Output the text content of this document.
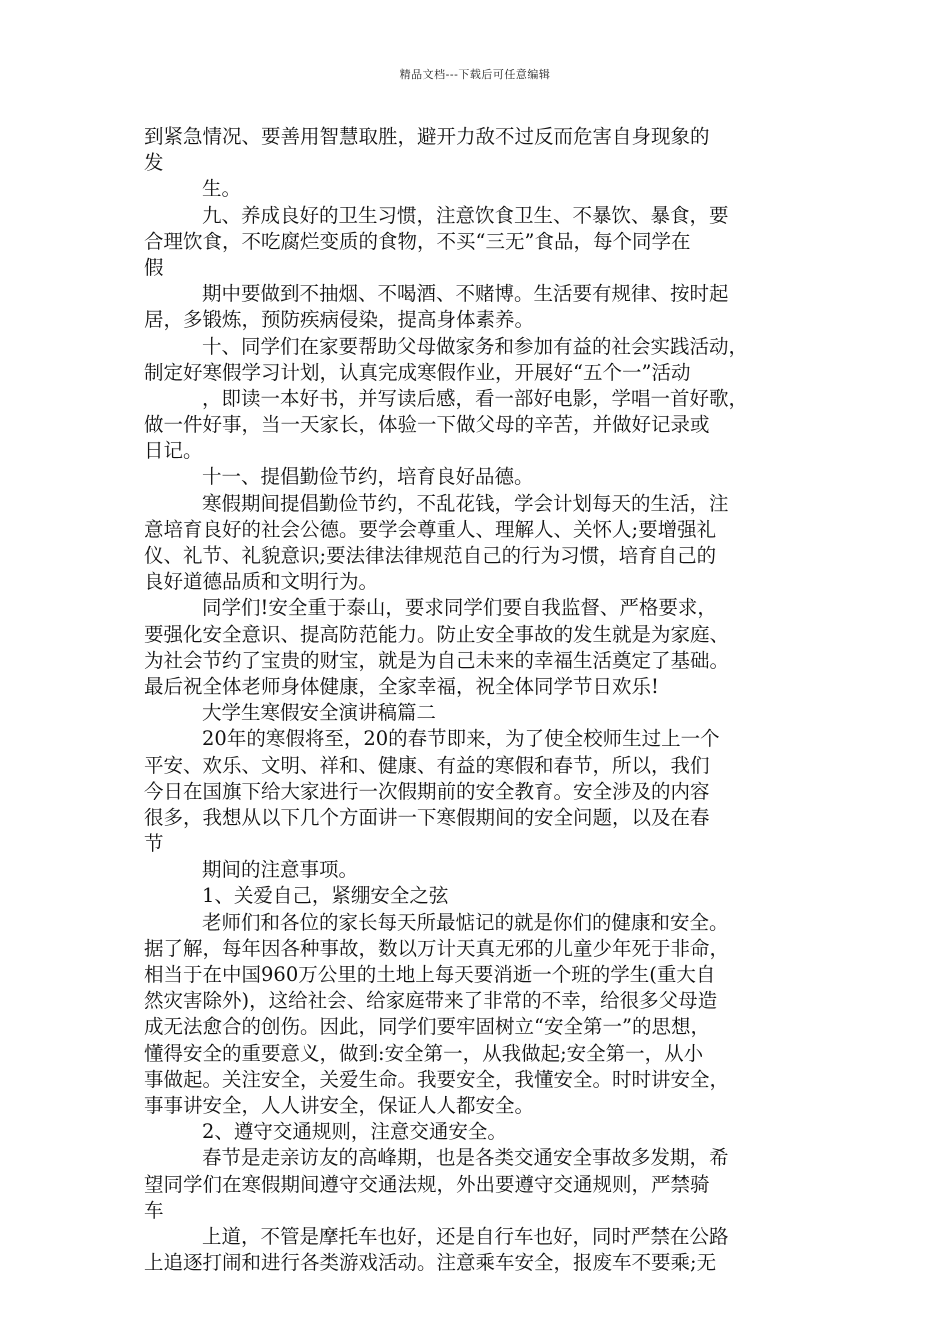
精品文档---下载后可任意编辑
到紧急情况、要善用智慧取胜，避开力敌不过反而危害自身现象的
发
生。
九、养成良好的卫生习惯，注意饮食卫生、不暴饮、暴食，要
合理饮食，不吃腐烂变质的食物，不买“三无”食品，每个同学在
假
期中要做到不抽烟、不喝酒、不赌博。生活要有规律、按时起
居，多锻炼，预防疾病侵染，提高身体素养。
十、同学们在家要帮助父母做家务和参加有益的社会实践活动，
制定好寒假学习计划，认真完成寒假作业，开展好“五个一”活动
，即读一本好书，并写读后感，看一部好电影，学唱一首好歌，
做一件好事，当一天家长，体验一下做父母的辛苦，并做好记录或
日记。
十一、提倡勤俭节约，培育良好品德。
寒假期间提倡勤俭节约，不乱花钱，学会计划每天的生活，注
意培育良好的社会公德。要学会尊重人、理解人、关怀人;要增强礼
仪、礼节、礼貌意识;要法律法律规范自己的行为习惯，培育自己的
良好道德品质和文明行为。
同学们!安全重于泰山，要求同学们要自我监督、严格要求，
要强化安全意识、提高防范能力。防止安全事故的发生就是为家庭、
为社会节约了宝贵的财宝，就是为自己未来的幸福生活奠定了基础。
最后祝全体老师身体健康，全家幸福，祝全体同学节日欢乐!
大学生寒假安全演讲稿篇二
20年的寒假将至，20的春节即来，为了使全校师生过上一个
平安、欢乐、文明、祥和、健康、有益的寒假和春节，所以，我们
今日在国旗下给大家进行一次假期前的安全教育。安全涉及的内容
很多，我想从以下几个方面讲一下寒假期间的安全问题，以及在春
节
期间的注意事项。
1、关爱自己，紧绷安全之弦
老师们和各位的家长每天所最惦记的就是你们的健康和安全。
据了解，每年因各种事故，数以万计天真无邪的儿童少年死于非命，
相当于在中国960万公里的土地上每天要消逝一个班的学生(重大自
然灾害除外)，这给社会、给家庭带来了非常的不幸，给很多父母造
成无法愈合的创伤。因此，同学们要牢固树立“安全第一”的思想，
懂得安全的重要意义，做到:安全第一，从我做起;安全第一，从小
事做起。关注安全，关爱生命。我要安全，我懂安全。时时讲安全，
事事讲安全，人人讲安全，保证人人都安全。
2、遵守交通规则，注意交通安全。
春节是走亲访友的高峰期，也是各类交通安全事故多发期，希
望同学们在寒假期间遵守交通法规，外出要遵守交通规则，严禁骑
车
上道，不管是摩托车也好，还是自行车也好，同时严禁在公路
上追逐打闹和进行各类游戏活动。注意乘车安全，报废车不要乘;无
